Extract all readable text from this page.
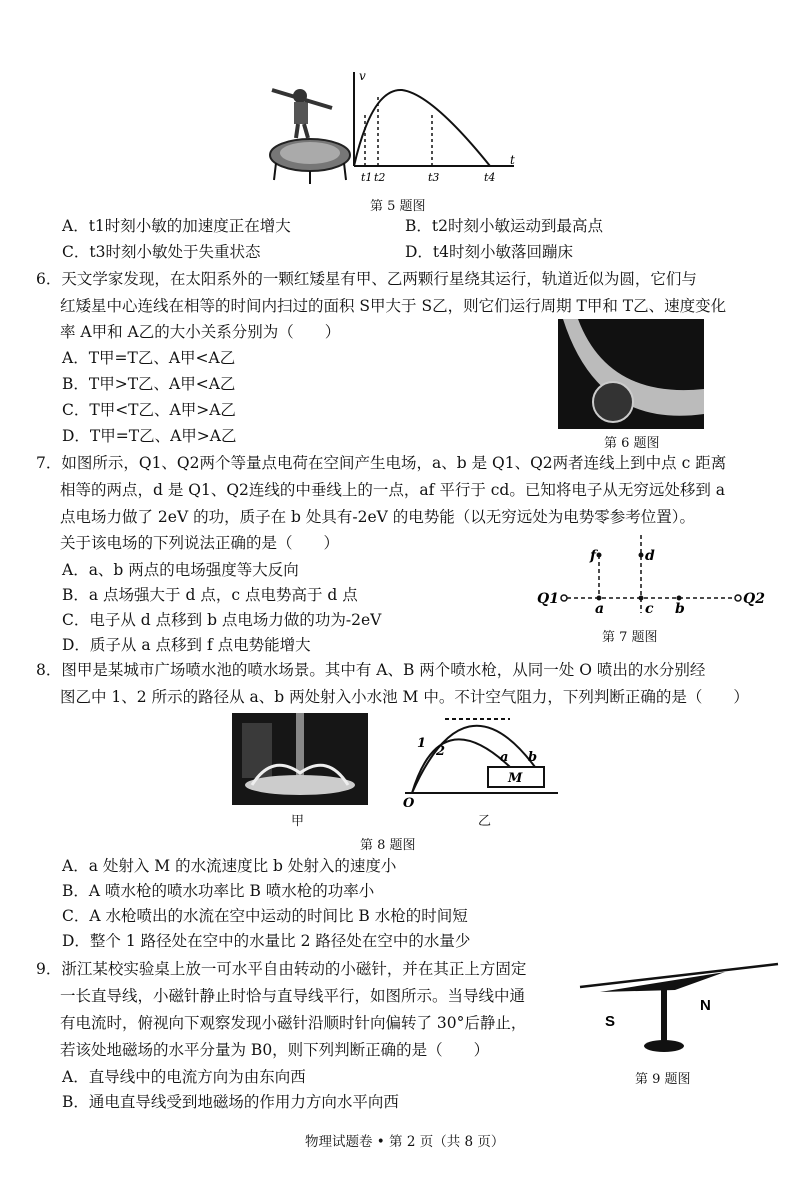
v
t
t1 t2	t3	t4
第 5 题图
A．t1时刻小敏的加速度正在增大	B．t2时刻小敏运动到最高点
C．t3时刻小敏处于失重状态	D．t4时刻小敏落回蹦床
6．天文学家发现，在太阳系外的一颗红矮星有甲、乙两颗行星绕其运行，轨道近似为圆，它们与
红矮星中心连线在相等的时间内扫过的面积 S甲大于 S乙，则它们运行周期 T甲和 T乙、速度变化
率 A甲和 A乙的大小关系分别为（　　）
A．T甲=T乙、A甲<A乙
B．T甲>T乙、A甲<A乙
C．T甲<T乙、A甲>A乙
D．T甲=T乙、A甲>A乙	第 6 题图
7．如图所示，Q1、Q2两个等量点电荷在空间产生电场，a、b 是 Q1、Q2两者连线上到中点 c 距离
相等的两点，d 是 Q1、Q2连线的中垂线上的一点，af 平行于 cd。已知将电子从无穷远处移到 a
点电场力做了 2eV 的功，质子在 b 处具有-2eV 的电势能（以无穷远处为电势零参考位置）。
关于该电场的下列说法正确的是（　　）
A．a、b 两点的电场强度等大反向
B．a 点场强大于 d 点，c 点电势高于 d 点
C．电子从 d 点移到 b 点电场力做的功为-2eV
D．质子从 a 点移到 f 点电势能增大
f	d
Q1	Q2
a	c b
第 7 题图
8．图甲是某城市广场喷水池的喷水场景。其中有 A、B 两个喷水枪，从同一处 O 喷出的水分别经
图乙中 1、2 所示的路径从 a、b 两处射入小水池 M 中。不计空气阻力，下列判断正确的是（　　）
甲
1
2	a b
M
O
乙
第 8 题图
A．a 处射入 M 的水流速度比 b 处射入的速度小
B．A 喷水枪的喷水功率比 B 喷水枪的功率小
C．A 水枪喷出的水流在空中运动的时间比 B 水枪的时间短
D．整个 1 路径处在空中的水量比 2 路径处在空中的水量少
9．浙江某校实验桌上放一可水平自由转动的小磁针，并在其正上方固定
一长直导线，小磁针静止时恰与直导线平行，如图所示。当导线中通
有电流时，俯视向下观察发现小磁针沿顺时针向偏转了 30°后静止，
若该处地磁场的水平分量为 B0，则下列判断正确的是（　　）
A．直导线中的电流方向为由东向西
B．通电直导线受到地磁场的作用力方向水平向西
S
N
第 9 题图
物理试题卷 • 第 2 页（共 8 页）
